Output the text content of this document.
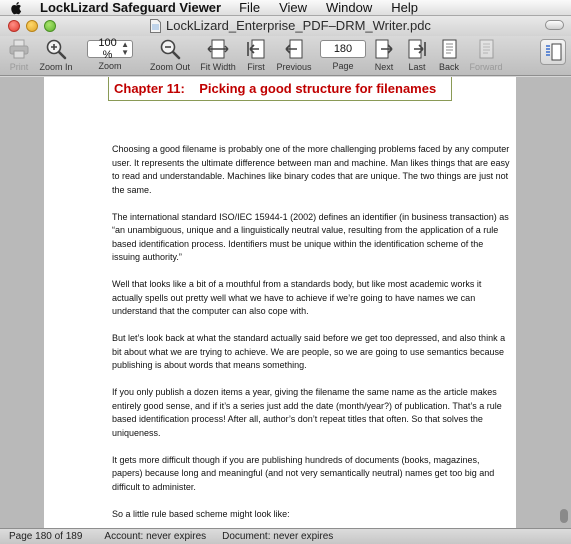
LockLizard Safeguard Viewer File View Window Help
LockLizard_Enterprise_PDF–DRM_Writer.pdc
Print	Zoom In
100 %
▲
▼
Zoom	Zoom Out	Fit Width	First	Previous
180
Page	Next	Last	Back	Forward
Chapter 11:    Picking a good structure for filenames

Choosing a good filename is probably one of the more challenging problems faced by any computer user. It represents the ultimate difference between man and machine. Man likes things that are easy to read and understandable. Machines like binary codes that are unique. The two things are just not the same.

The international standard ISO/IEC 15944-1 (2002) defines an identifier (in business transaction) as “an unambiguous, unique and a linguistically neutral value, resulting from the application of a rule based identification process. Identifiers must be unique within the identification scheme of the issuing authority.”

Well that looks like a bit of a mouthful from a standards body, but like most academic works it actually spells out pretty well what we have to achieve if we’re going to have names we can understand that the computer can also cope with.

But let’s look back at what the standard actually said before we get too depressed, and also think a bit about what we are trying to achieve. We are people, so we are going to use semantics because publishing is about words that means something.

If you only publish a dozen items a year, giving the filename the same name as the article makes entirely good sense, and if it’s a series just add the date (month/year?) of publication. That’s a rule based identification process! After all, author’s don’t repeat titles that often. So that solves the uniqueness.

It gets more difficult though if you are publishing hundreds of documents (books, magazines, papers) because long and meaningful (and not very semantically neutral) names get too big and difficult to administer.

So a little rule based scheme might look like:

Page 180 of 189 Account: never expires Document: never expires
